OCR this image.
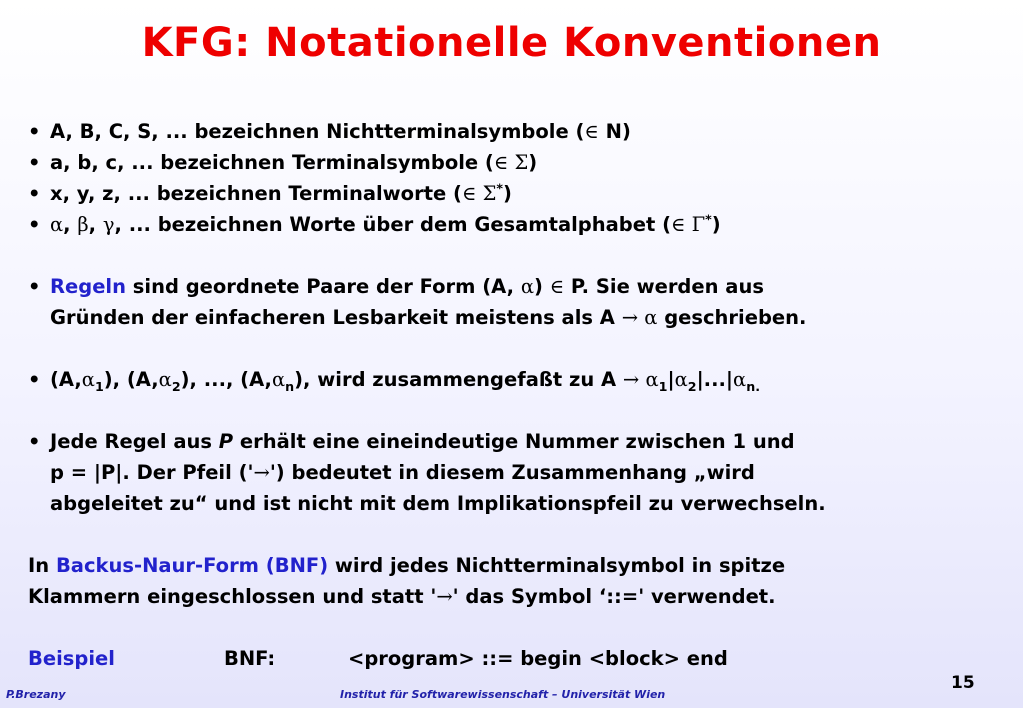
KFG: Notationelle Konventionen
• A, B, C, S, ... bezeichnen Nichtterminalsymbole (∈ N)
• a, b, c, ... bezeichnen Terminalsymbole (∈ Σ)
• x, y, z, ... bezeichnen Terminalworte (∈ Σ*)
• α, β, γ, ... bezeichnen Worte über dem Gesamtalphabet (∈ Γ*)
• Regeln sind geordnete Paare der Form (A, α) ∈ P. Sie werden aus
Gründen der einfacheren Lesbarkeit meistens als A → α geschrieben.
• $(A,\alpha_1)$, $(A,\alpha_2)$, ..., $(A,\alpha_n)$, wird zusammengefaßt zu $A \to \alpha_1|\alpha_2|...|\alpha_{n.}$
• Jede Regel aus P erhält eine eineindeutige Nummer zwischen 1 und
p = |P|. Der Pfeil ('→') bedeutet in diesem Zusammenhang „wird
abgeleitet zu“ und ist nicht mit dem Implikationspfeil zu verwechseln.
In Backus-Naur-Form (BNF) wird jedes Nichtterminalsymbol in spitze
Klammern eingeschlossen und statt '→' das Symbol ‘::=' verwendet.
Beispiel	BNF:	<program> ::= begin <block> end
P.Brezany	Institut für Softwarewissenschaft – Universität Wien
15
